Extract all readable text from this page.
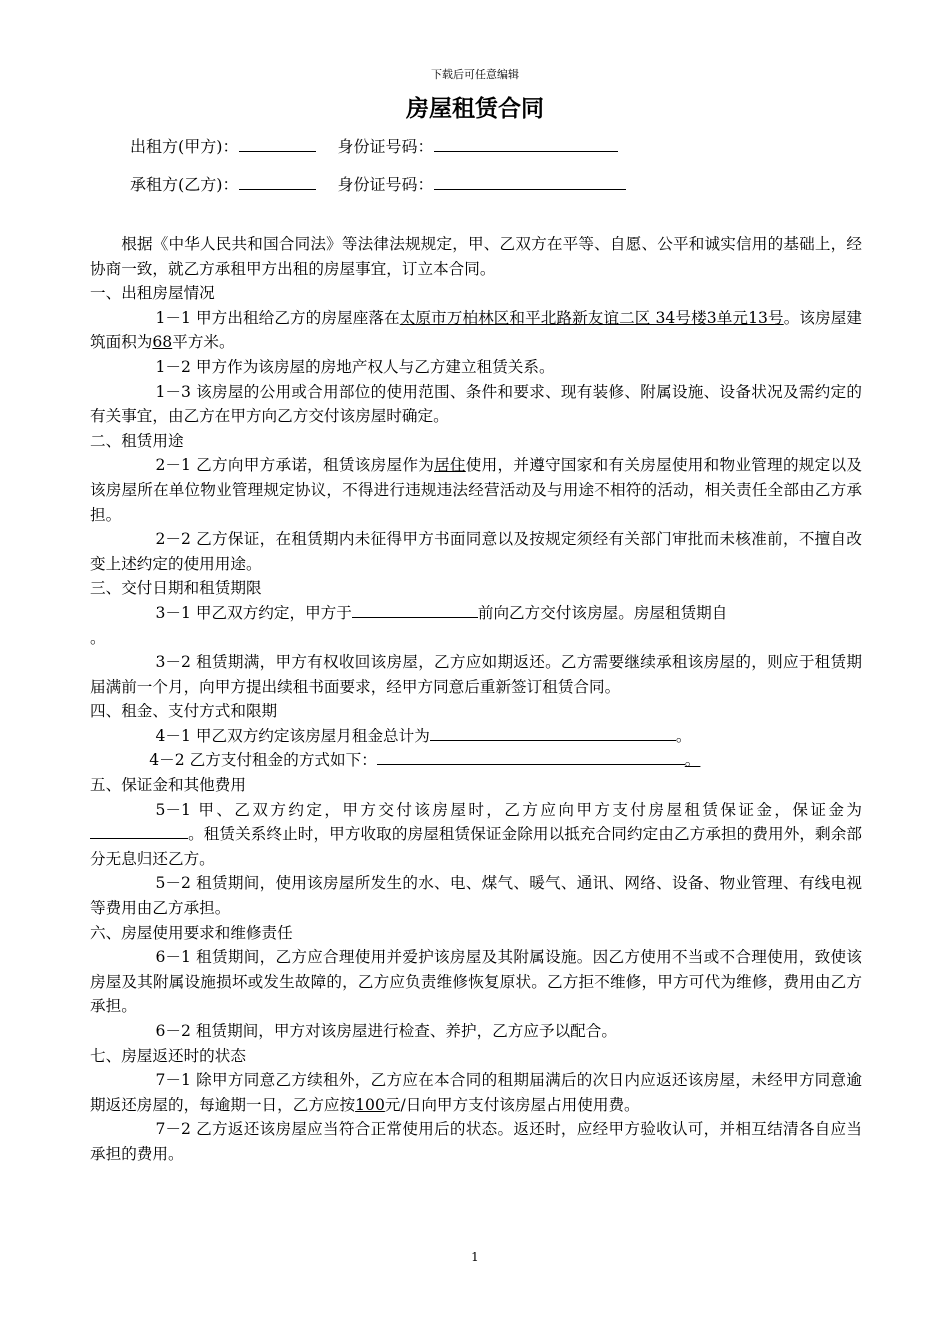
下载后可任意编辑
房屋租赁合同
出租方(甲方)：	身份证号码：
承租方(乙方)：	身份证号码：

根据《中华人民共和国合同法》等法律法规规定，甲、乙双方在平等、自愿、公平和诚实信用的基础上，经协商一致，就乙方承租甲方出租的房屋事宜，订立本合同。

一、出租房屋情况

1－1 甲方出租给乙方的房屋座落在太原市万柏林区和平北路新友谊二区 34号楼3单元13号。该房屋建筑面积为68平方米。

1－2 甲方作为该房屋的房地产权人与乙方建立租赁关系。

1－3 该房屋的公用或合用部位的使用范围、条件和要求、现有装修、附属设施、设备状况及需约定的有关事宜，由乙方在甲方向乙方交付该房屋时确定。

二、租赁用途

2－1 乙方向甲方承诺，租赁该房屋作为居住使用，并遵守国家和有关房屋使用和物业管理的规定以及该房屋所在单位物业管理规定协议，不得进行违规违法经营活动及与用途不相符的活动，相关责任全部由乙方承担。

2－2 乙方保证，在租赁期内未征得甲方书面同意以及按规定须经有关部门审批而未核准前，不擅自改变上述约定的使用用途。

三、交付日期和租赁期限

3－1 甲乙双方约定，甲方于	前向乙方交付该房屋。房屋租赁期自
。

3－2 租赁期满，甲方有权收回该房屋，乙方应如期返还。乙方需要继续承租该房屋的，则应于租赁期届满前一个月，向甲方提出续租书面要求，经甲方同意后重新签订租赁合同。

四、租金、支付方式和限期

4－1 甲乙双方约定该房屋月租金总计为	。

4－2 乙方支付租金的方式如下：	。

五、保证金和其他费用

5－1 甲、乙双方约定，甲方交付该房屋时，乙方应向甲方支付房屋租赁保证金，保证金为。租赁关系终止时，甲方收取的房屋租赁保证金除用以抵充合同约定由乙方承担的费用外，剩余部分无息归还乙方。

5－2 租赁期间，使用该房屋所发生的水、电、煤气、暖气、通讯、网络、设备、物业管理、有线电视等费用由乙方承担。

六、房屋使用要求和维修责任

6－1 租赁期间，乙方应合理使用并爱护该房屋及其附属设施。因乙方使用不当或不合理使用，致使该房屋及其附属设施损坏或发生故障的，乙方应负责维修恢复原状。乙方拒不维修，甲方可代为维修，费用由乙方承担。

6－2 租赁期间，甲方对该房屋进行检查、养护，乙方应予以配合。

七、房屋返还时的状态

7－1 除甲方同意乙方续租外，乙方应在本合同的租期届满后的次日内应返还该房屋，未经甲方同意逾期返还房屋的，每逾期一日，乙方应按100元/日向甲方支付该房屋占用使用费。

7－2 乙方返还该房屋应当符合正常使用后的状态。返还时，应经甲方验收认可，并相互结清各自应当承担的费用。

1
